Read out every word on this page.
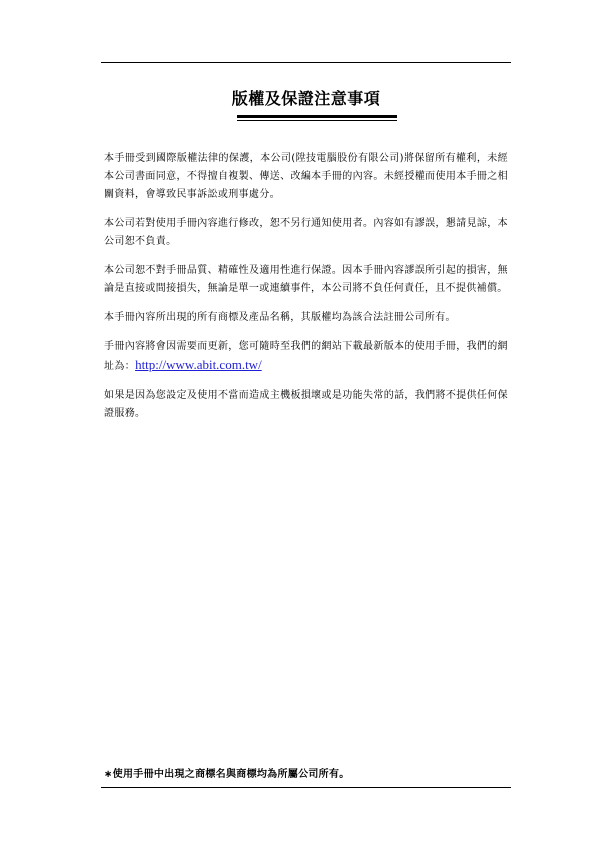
版權及保證注意事項

本手冊受到國際版權法律的保護，本公司(陞技電腦股份有限公司)將保留所有權利，未經本公司書面同意，不得擅自複製、傳送、改編本手冊的內容。未經授權而使用本手冊之相關資料，會導致民事訴訟或刑事處分。

本公司若對使用手冊內容進行修改，恕不另行通知使用者。內容如有謬誤，懇請見諒，本公司恕不負責。

本公司恕不對手冊品質、精確性及適用性進行保證。因本手冊內容謬誤所引起的損害，無論是直接或間接損失，無論是單一或連續事件，本公司將不負任何責任，且不提供補償。

本手冊內容所出現的所有商標及產品名稱，其版權均為該合法註冊公司所有。

手冊內容將會因需要而更新，您可隨時至我們的網站下載最新版本的使用手冊，我們的網址為：http://www.abit.com.tw/

如果是因為您設定及使用不當而造成主機板損壞或是功能失常的話，我們將不提供任何保證服務。

∗使用手冊中出現之商標名與商標均為所屬公司所有。
